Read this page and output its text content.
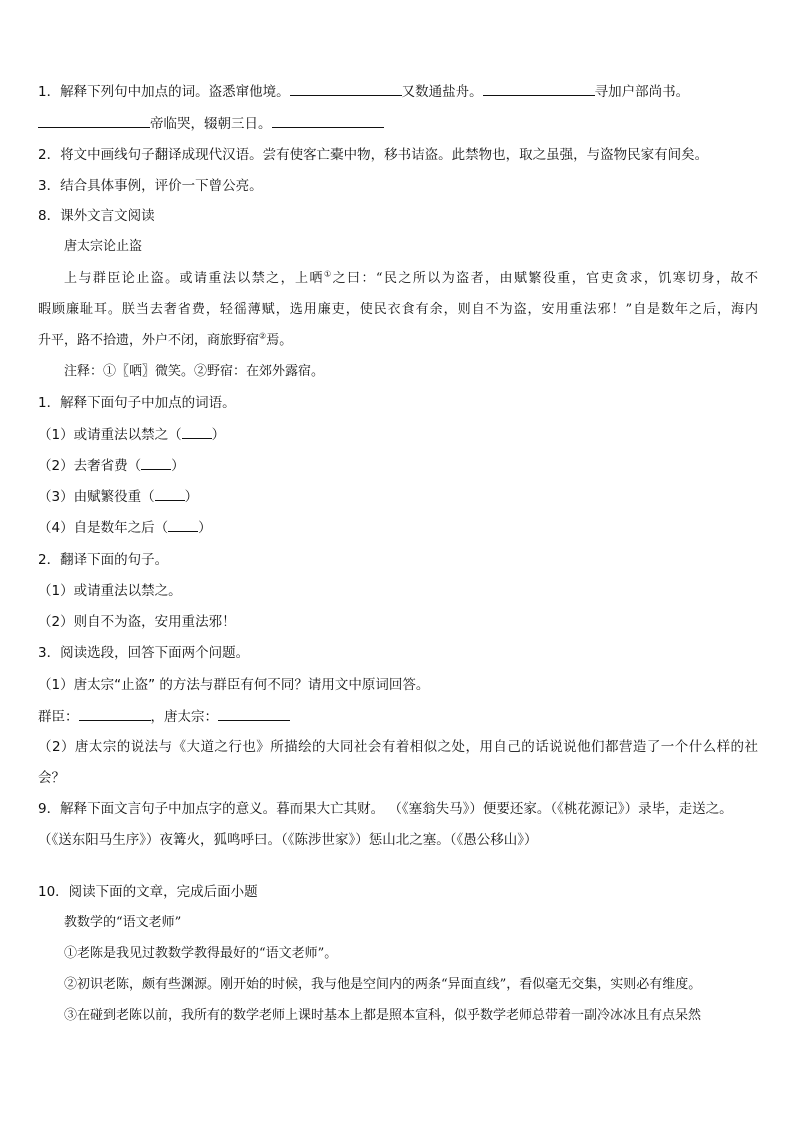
1．解释下列句中加点的词。盗悉窜他境。	又数通盐舟。	寻加户部尚书。
帝临哭，辍朝三日。
2．将文中画线句子翻译成现代汉语。尝有使客亡橐中物，移书诘盗。此禁物也，取之虽强，与盗物民家有间矣。
3．结合具体事例，评价一下曾公亮。
8．课外文言文阅读
唐太宗论止盗
上与群臣论止盗。或请重法以禁之，上哂①之曰：“民之所以为盗者，由赋繁役重，官吏贪求，饥寒切身，故不
暇顾廉耻耳。朕当去奢省费，轻徭薄赋，选用廉吏，使民衣食有余，则自不为盗，安用重法邪！”自是数年之后，海内
升平，路不拾遗，外户不闭，商旅野宿②焉。
注释：①〖哂〗微笑。②野宿：在郊外露宿。
1．解释下面句子中加点的词语。
（1）或请重法以禁之（ ）
（2）去奢省费（ ）
（3）由赋繁役重（ ）
（4）自是数年之后（ ）
2．翻译下面的句子。
（1）或请重法以禁之。
（2）则自不为盗，安用重法邪！
3．阅读选段，回答下面两个问题。
（1）唐太宗“止盗” 的方法与群臣有何不同？请用文中原词回答。
群臣：	，唐太宗：
（2）唐太宗的说法与《大道之行也》所描绘的大同社会有着相似之处，用自己的话说说他们都营造了一个什么样的社
会？
9．解释下面文言句子中加点字的意义。暮而果大亡其财。 （《塞翁失马》）便要还家。（《桃花源记》）录毕，走送之。
（《送东阳马生序》）夜篝火，狐鸣呼曰。（《陈涉世家》）惩山北之塞。（《愚公移山》）
10．阅读下面的文章，完成后面小题
教数学的“语文老师”
①老陈是我见过教数学教得最好的“语文老师”。
②初识老陈，颇有些渊源。刚开始的时候，我与他是空间内的两条“异面直线”，看似毫无交集，实则必有维度。
③在碰到老陈以前，我所有的数学老师上课时基本上都是照本宣科，似乎数学老师总带着一副冷冰冰且有点呆然
